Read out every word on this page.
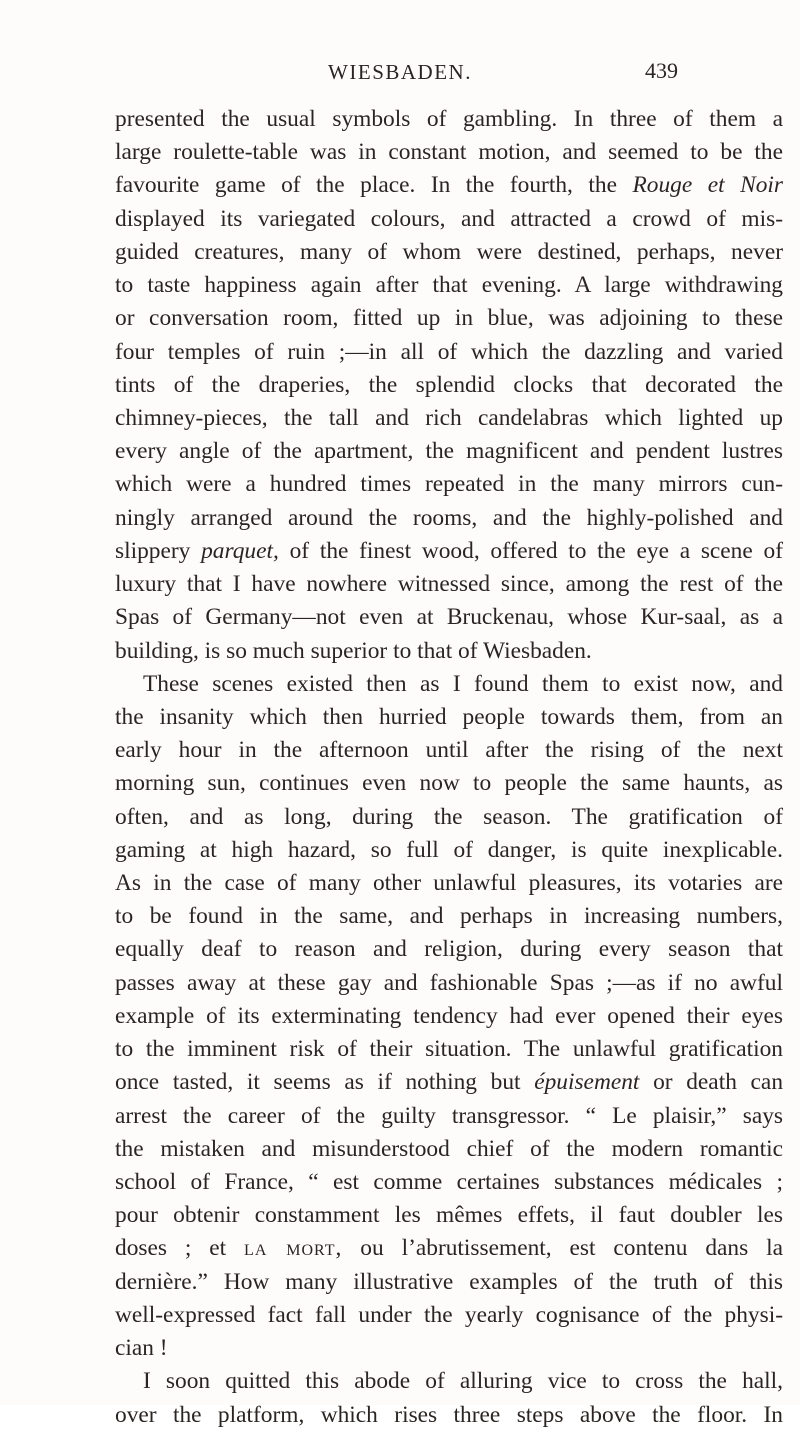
WIESBADEN.	439
presented the usual symbols of gambling. In three of them a
large roulette-table was in constant motion, and seemed to be the
favourite game of the place. In the fourth, the Rouge et Noir
displayed its variegated colours, and attracted a crowd of mis-
guided creatures, many of whom were destined, perhaps, never
to taste happiness again after that evening. A large withdrawing
or conversation room, fitted up in blue, was adjoining to these
four temples of ruin ;—in all of which the dazzling and varied
tints of the draperies, the splendid clocks that decorated the
chimney-pieces, the tall and rich candelabras which lighted up
every angle of the apartment, the magnificent and pendent lustres
which were a hundred times repeated in the many mirrors cun-
ningly arranged around the rooms, and the highly-polished and
slippery parquet, of the finest wood, offered to the eye a scene of
luxury that I have nowhere witnessed since, among the rest of the
Spas of Germany—not even at Bruckenau, whose Kur-saal, as a
building, is so much superior to that of Wiesbaden.
These scenes existed then as I found them to exist now, and
the insanity which then hurried people towards them, from an
early hour in the afternoon until after the rising of the next
morning sun, continues even now to people the same haunts, as
often, and as long, during the season. The gratification of
gaming at high hazard, so full of danger, is quite inexplicable.
As in the case of many other unlawful pleasures, its votaries are
to be found in the same, and perhaps in increasing numbers,
equally deaf to reason and religion, during every season that
passes away at these gay and fashionable Spas ;—as if no awful
example of its exterminating tendency had ever opened their eyes
to the imminent risk of their situation. The unlawful gratification
once tasted, it seems as if nothing but épuisement or death can
arrest the career of the guilty transgressor. “ Le plaisir,” says
the mistaken and misunderstood chief of the modern romantic
school of France, “ est comme certaines substances médicales ;
pour obtenir constamment les mêmes effets, il faut doubler les
doses ; et la mort, ou l’abrutissement, est contenu dans la
dernière.” How many illustrative examples of the truth of this
well-expressed fact fall under the yearly cognisance of the physi-
cian !
I soon quitted this abode of alluring vice to cross the hall,
over the platform, which rises three steps above the floor. In
